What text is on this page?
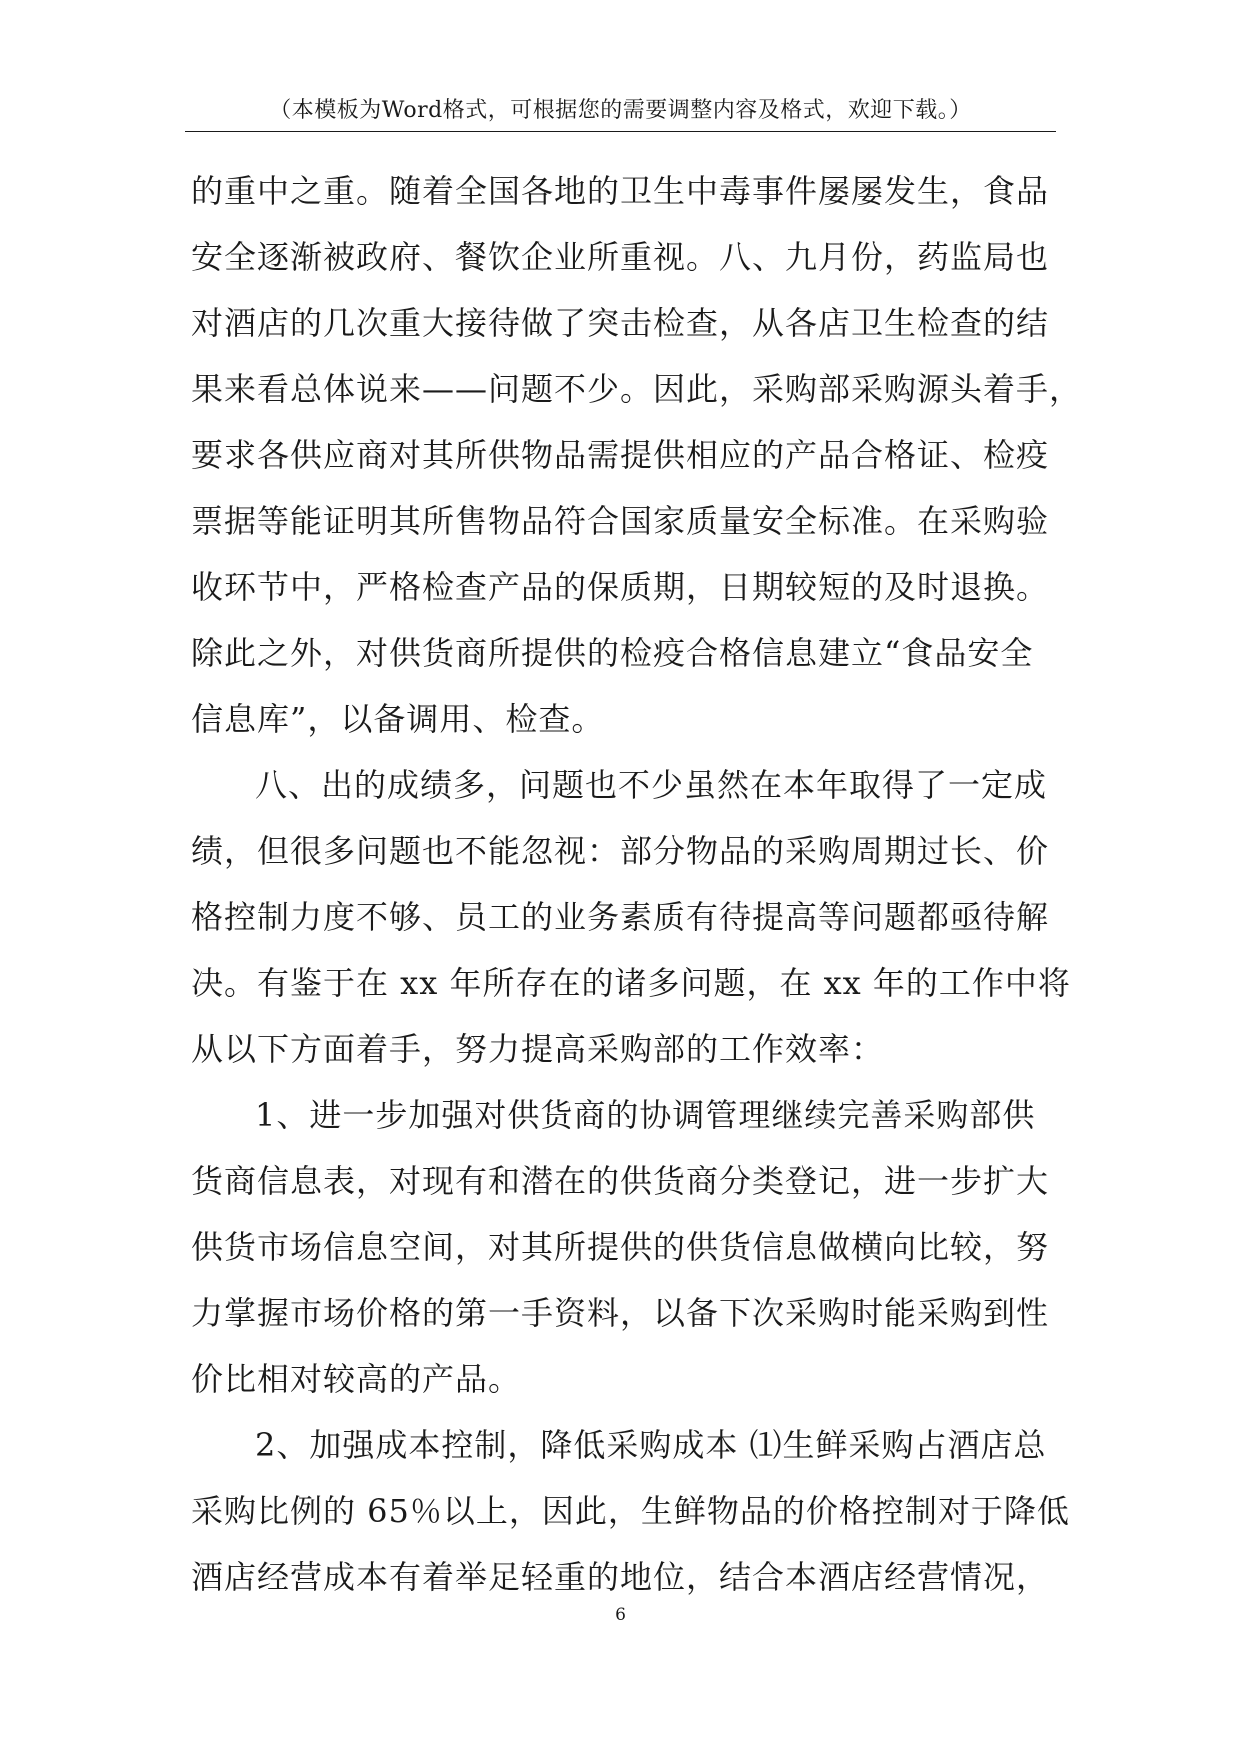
（本模板为Word格式，可根据您的需要调整内容及格式，欢迎下载。）
的重中之重。随着全国各地的卫生中毒事件屡屡发生，食品
安全逐渐被政府、餐饮企业所重视。八、九月份，药监局也
对酒店的几次重大接待做了突击检查，从各店卫生检查的结
果来看总体说来——问题不少。因此，采购部采购源头着手，
要求各供应商对其所供物品需提供相应的产品合格证、检疫
票据等能证明其所售物品符合国家质量安全标准。在采购验
收环节中，严格检查产品的保质期，日期较短的及时退换。
除此之外，对供货商所提供的检疫合格信息建立“食品安全
信息库”，以备调用、检查。
八、出的成绩多，问题也不少虽然在本年取得了一定成
绩，但很多问题也不能忽视：部分物品的采购周期过长、价
格控制力度不够、员工的业务素质有待提高等问题都亟待解
决。有鉴于在 xx 年所存在的诸多问题，在 xx 年的工作中将
从以下方面着手，努力提高采购部的工作效率：
1、进一步加强对供货商的协调管理继续完善采购部供
货商信息表，对现有和潜在的供货商分类登记，进一步扩大
供货市场信息空间，对其所提供的供货信息做横向比较，努
力掌握市场价格的第一手资料，以备下次采购时能采购到性
价比相对较高的产品。
2、加强成本控制，降低采购成本 ⑴生鲜采购占酒店总
采购比例的 65％以上，因此，生鲜物品的价格控制对于降低
酒店经营成本有着举足轻重的地位，结合本酒店经营情况，
6
